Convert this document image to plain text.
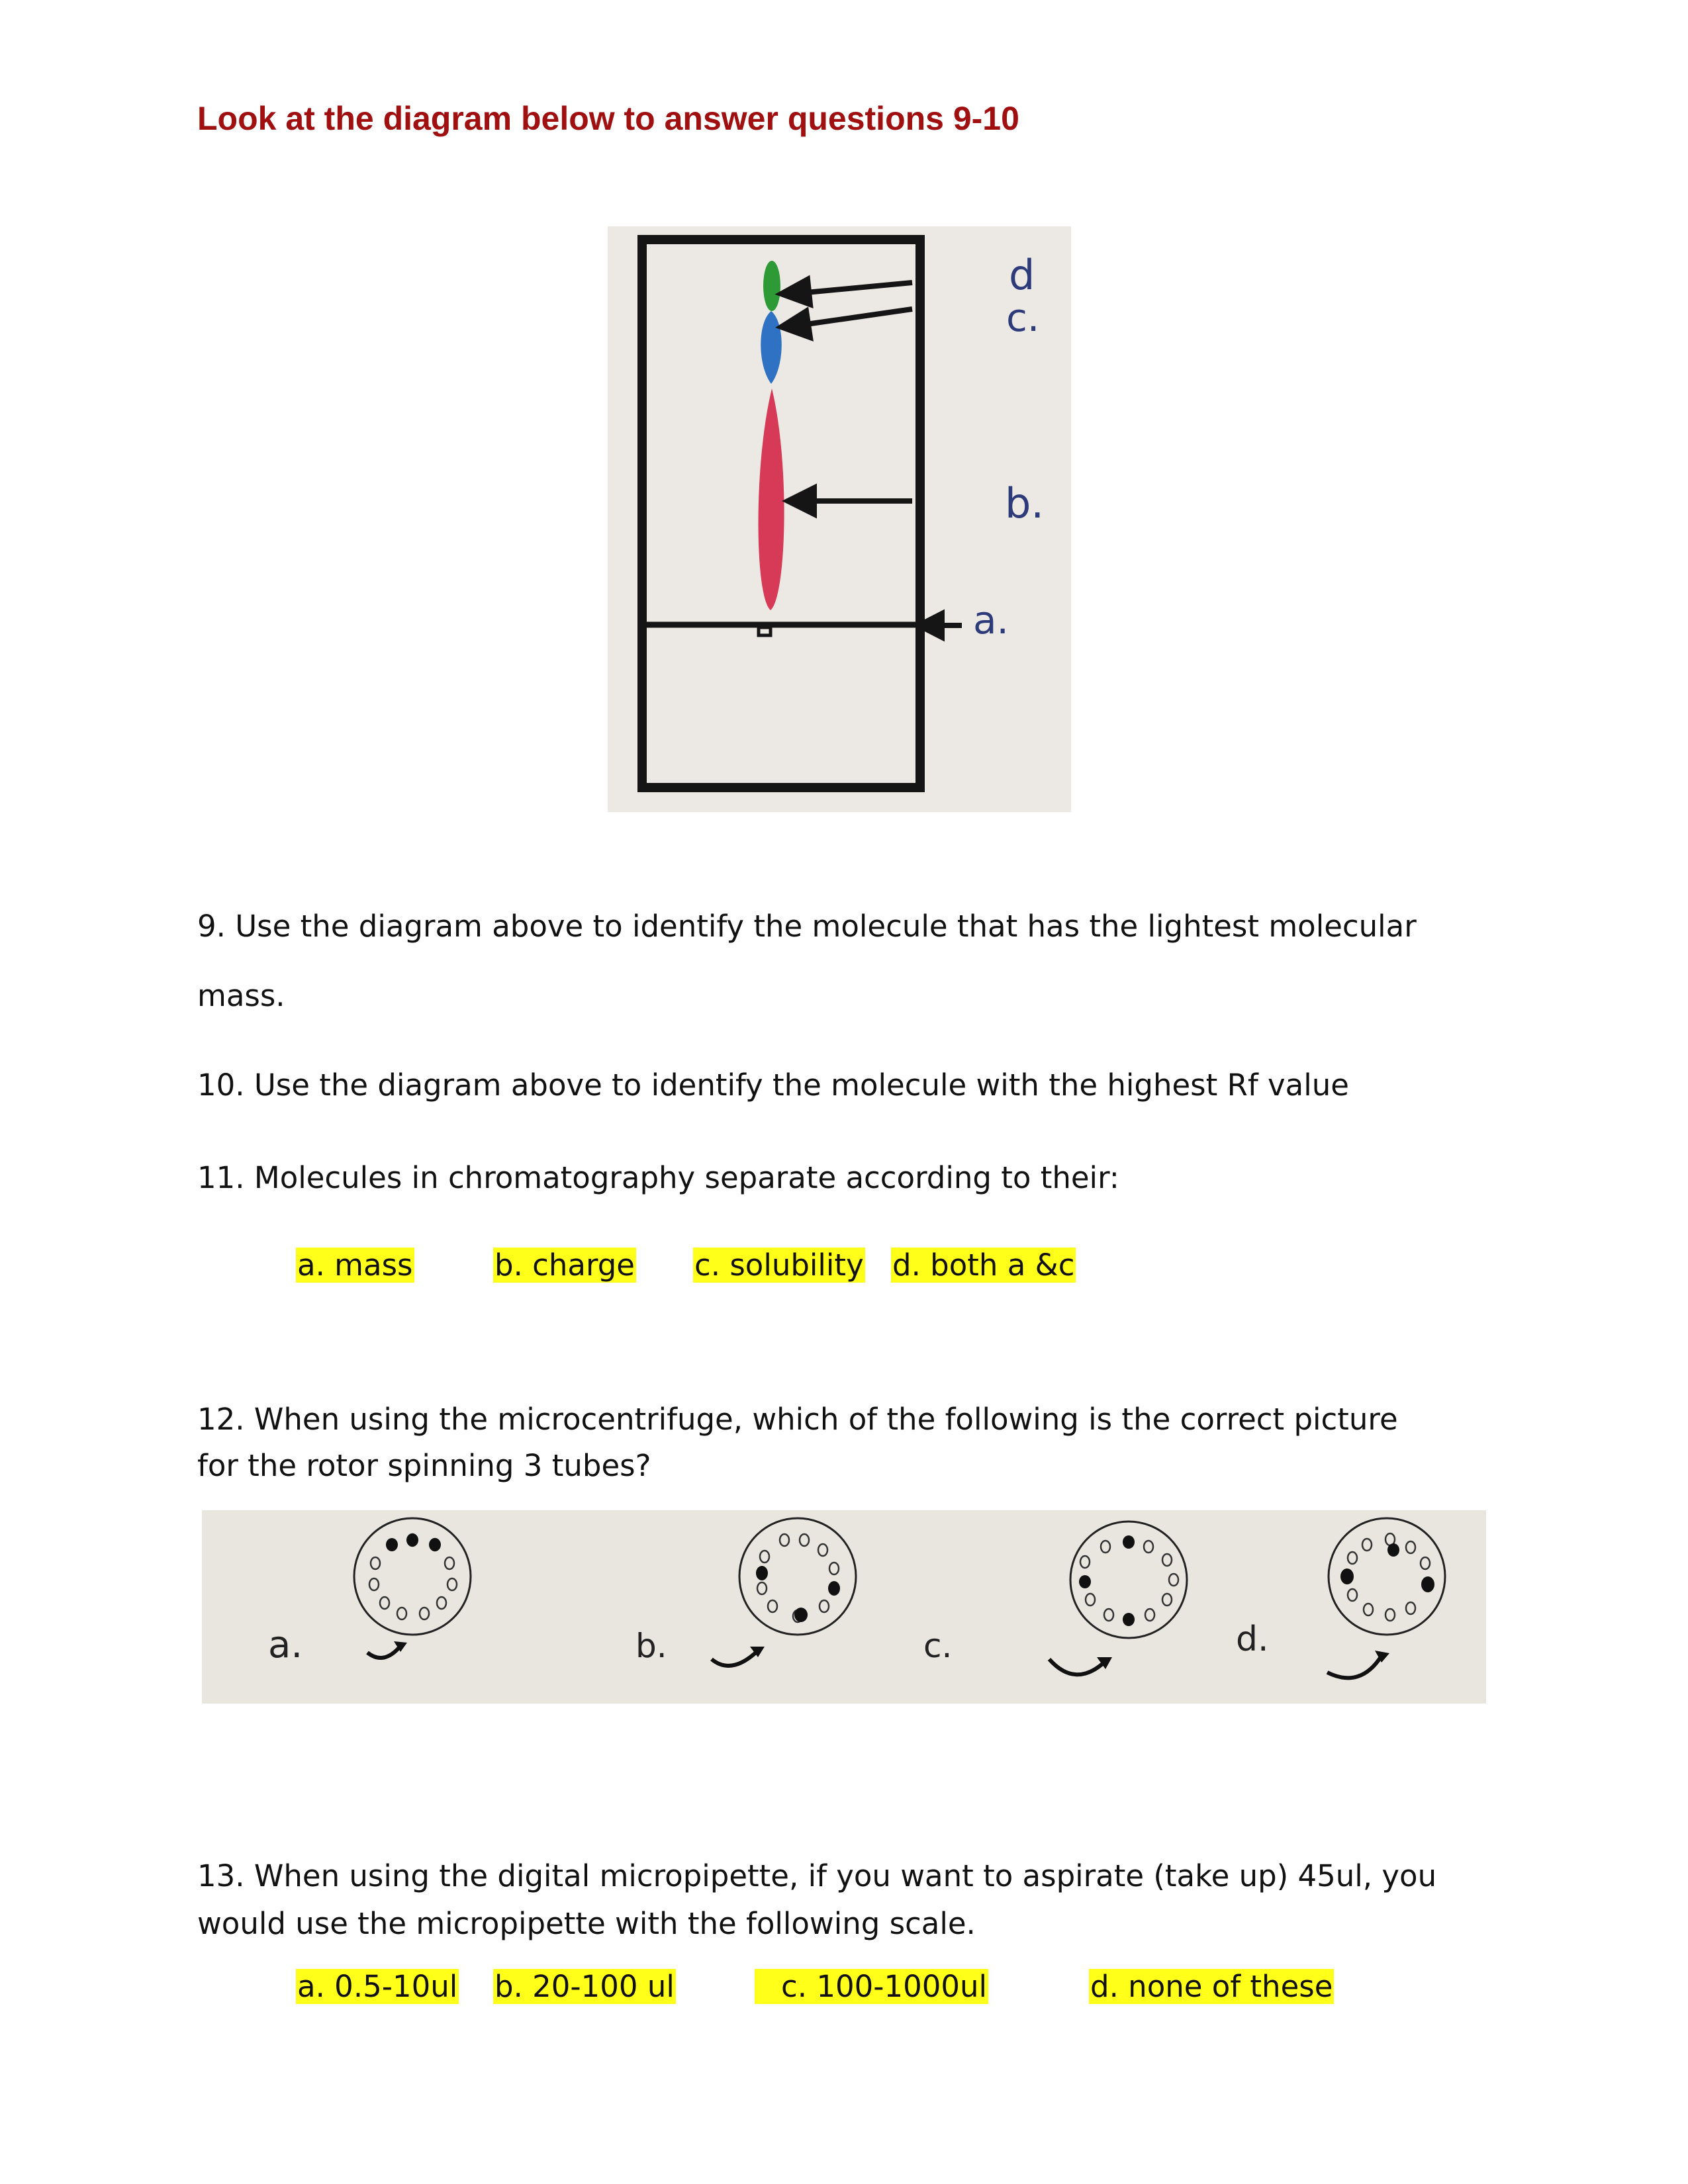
Look at the diagram below to answer questions 9-10
d
c.
b.
a.
9. Use the diagram above to identify the molecule that has the lightest molecular
mass.
10. Use the diagram above to identify the molecule with the highest Rf value
11. Molecules in chromatography separate according to their:
a. mass	b. charge c. solubility d. both a &c
12. When using the microcentrifuge, which of the following is the correct picture
for the rotor spinning 3 tubes?
a.	b.	c.	d.
13. When using the digital micropipette, if you want to aspirate (take up) 45ul, you
would use the micropipette with the following scale.
a. 0.5-10ul b. 20-100 ul	c. 100-1000ul	d. none of these
